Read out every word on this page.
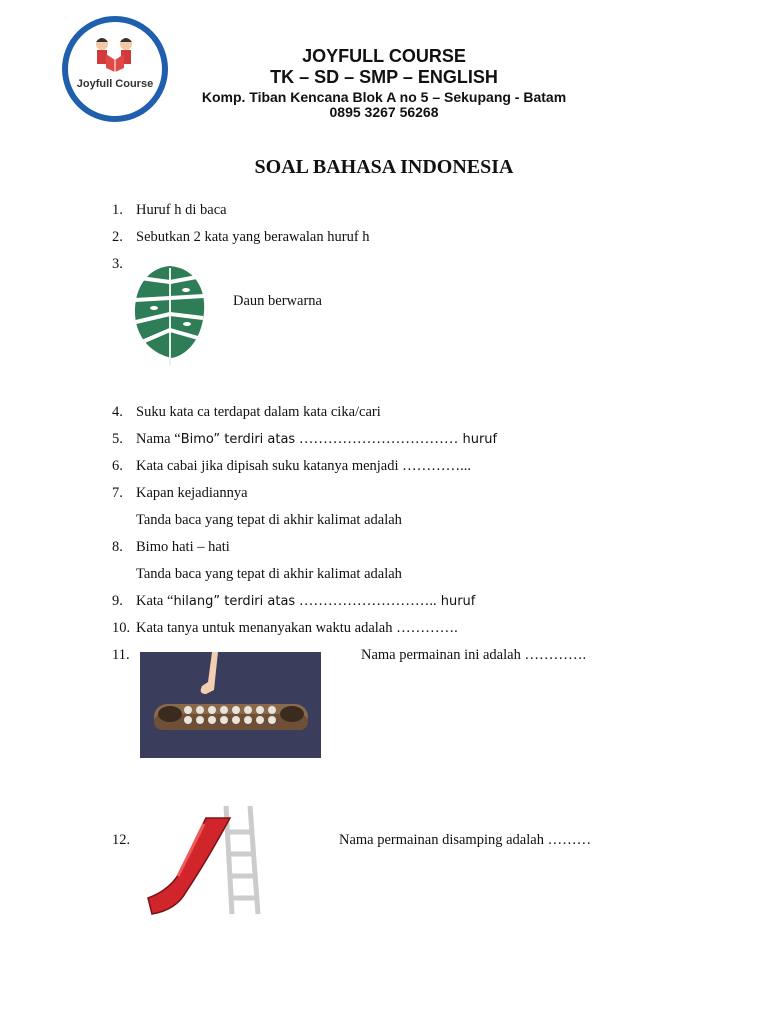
Joyfull Course
JOYFULL COURSE
TK – SD – SMP – ENGLISH
Komp. Tiban Kencana Blok A no 5 – Sekupang - Batam
0895 3267 56268
SOAL BAHASA INDONESIA
1. Huruf h di baca
2. Sebutkan 2 kata yang berawalan huruf h
3.
Daun berwarna
4. Suku kata ca terdapat dalam kata cika/cari
5. Nama “Bimo” terdiri atas …………………………… huruf
6. Kata cabai jika dipisah suku katanya menjadi …………...
7. Kapan kejadiannya
Tanda baca yang tepat di akhir kalimat adalah
8. Bimo hati – hati
Tanda baca yang tepat di akhir kalimat adalah
9. Kata “hilang” terdiri atas ……………………….. huruf
10. Kata tanya untuk menanyakan waktu adalah ………….
11.	Nama permainan ini adalah ………….
12.	Nama permainan disamping adalah ………
